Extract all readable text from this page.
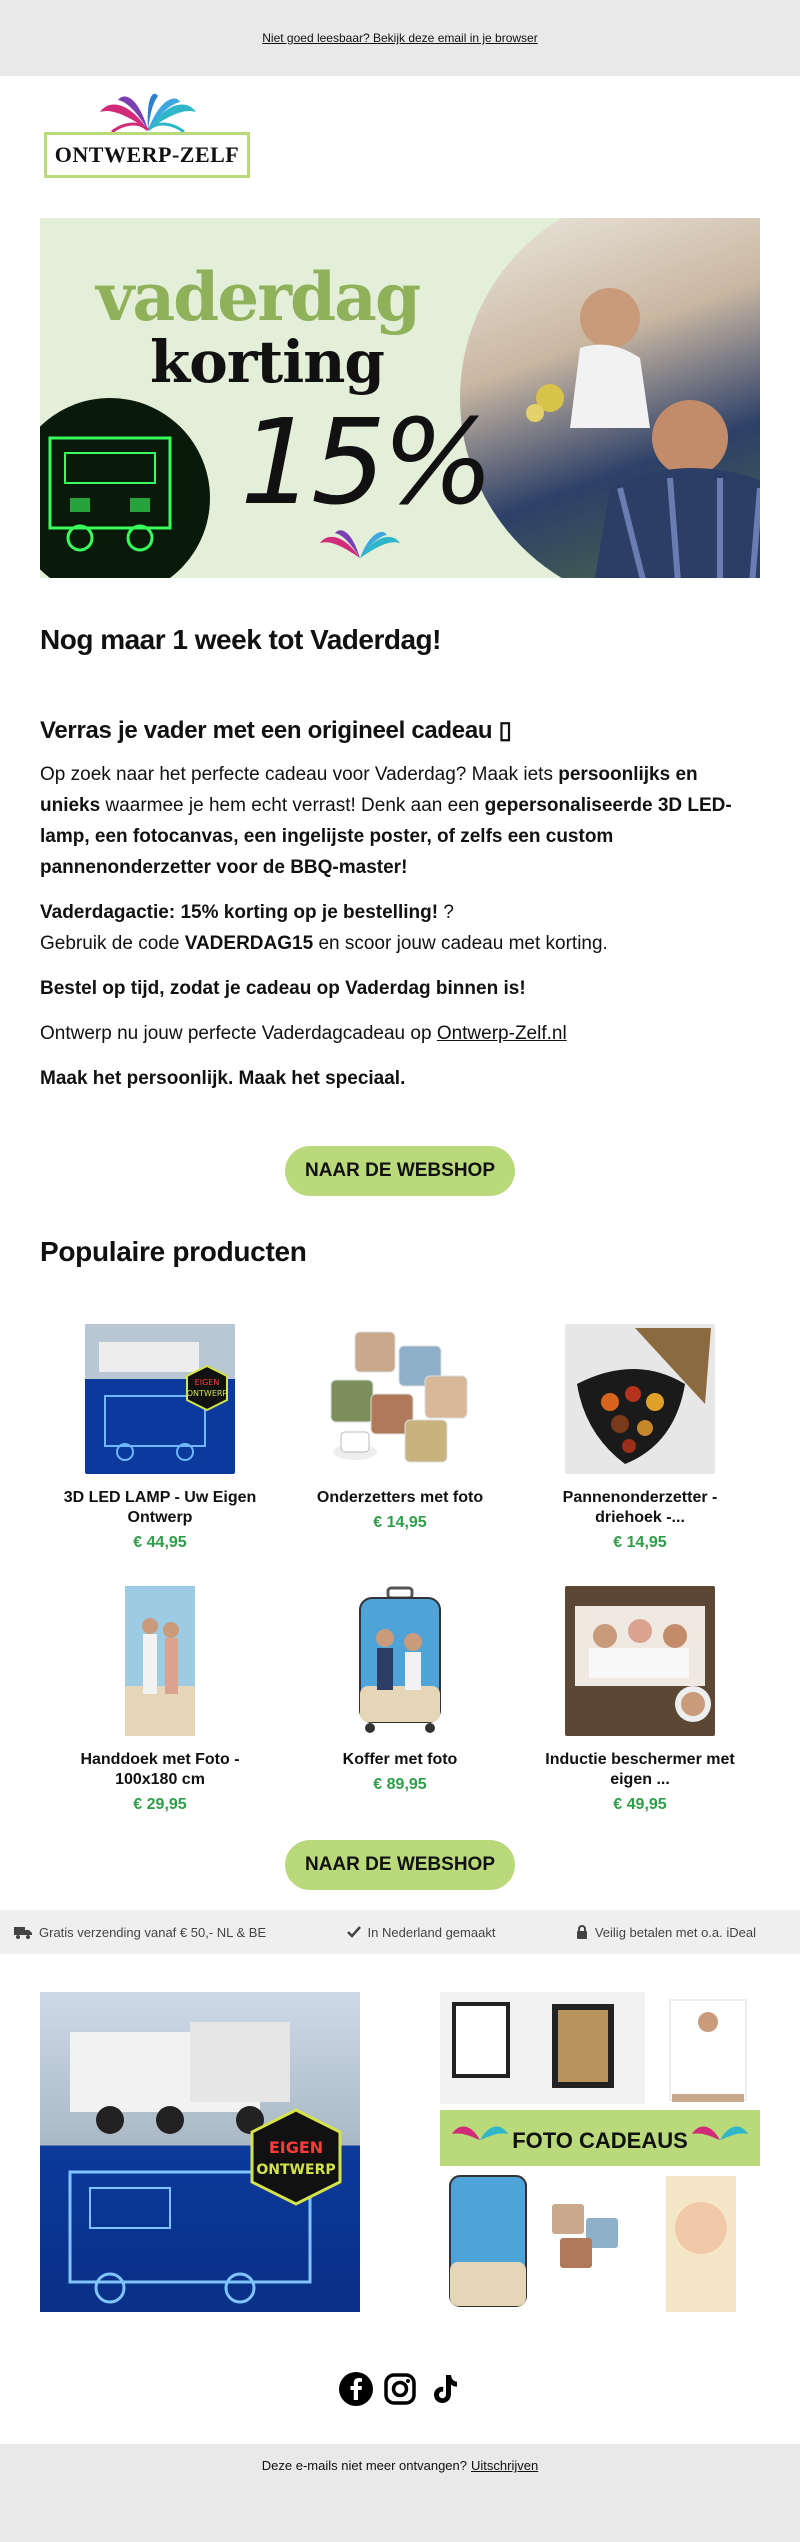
Niet goed leesbaar? Bekijk deze email in je browser
ONTWERP-ZELF
vaderdag
korting
15%
Nog maar 1 week tot Vaderdag!
Verras je vader met een origineel cadeau ▯

Op zoek naar het perfecte cadeau voor Vaderdag? Maak iets persoonlijks en unieks waarmee je hem echt verrast! Denk aan een gepersonaliseerde 3D LED-lamp, een fotocanvas, een ingelijste poster, of zelfs een custom pannenonderzetter voor de BBQ-master!

Vaderdagactie: 15% korting op je bestelling! ?
Gebruik de code VADERDAG15 en scoor jouw cadeau met korting.

Bestel op tijd, zodat je cadeau op Vaderdag binnen is!

Ontwerp nu jouw perfecte Vaderdagcadeau op Ontwerp-Zelf.nl

Maak het persoonlijk. Maak het speciaal.

NAAR DE WEBSHOP
Populaire producten
EIGEN
ONTWERP
3D LED LAMP - Uw Eigen Ontwerp
€ 44,95
Onderzetters met foto
€ 14,95
Pannenonderzetter - driehoek -...
€ 14,95
Handdoek met Foto - 100x180 cm
€ 29,95
Koffer met foto
€ 89,95
Inductie beschermer met eigen ...
€ 49,95
NAAR DE WEBSHOP
Gratis verzending vanaf € 50,- NL & BE	In Nederland gemaakt	Veilig betalen met o.a. iDeal
EIGEN
ONTWERP
FOTO CADEAUS
Deze e-mails niet meer ontvangen? Uitschrijven
